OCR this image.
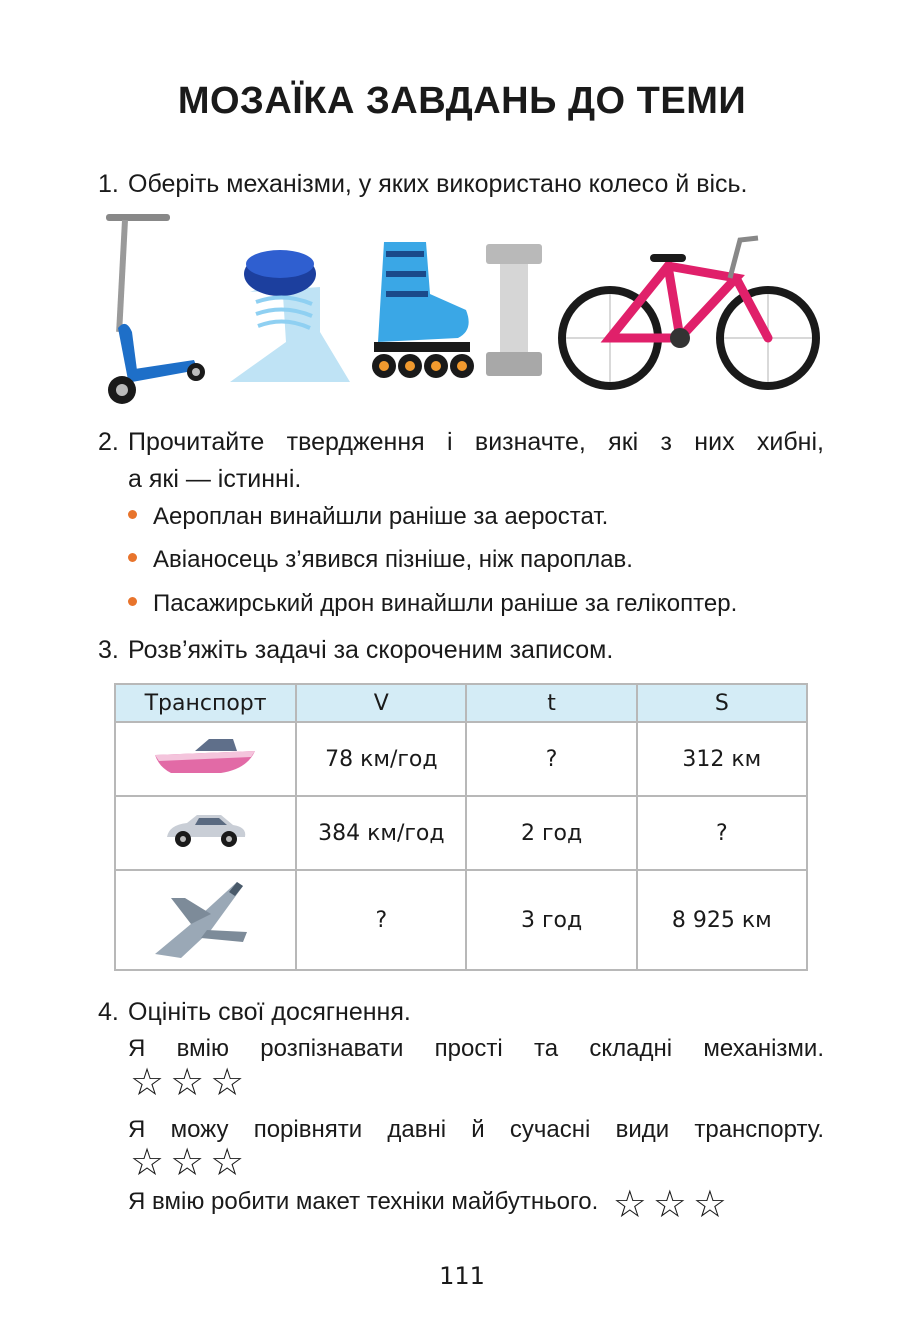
МОЗАЇКА ЗАВДАНЬ ДО ТЕМИ
1. Оберіть механізми, у яких використано колесо й вісь.
2. Прочитайте твердження і визначте, які з них хибні,
а які — істинні.
Аероплан винайшли раніше за аеростат.
Авіаносець з’явився пізніше, ніж пароплав.
Пасажирський дрон винайшли раніше за гелікоптер.
3. Розв’яжіть задачі за скороченим записом.
Транспорт	V	t	S
	78 км/год	?	312 км
	384 км/год	2 год	?
	?	3 год	8 925 км
4. Оцініть свої досягнення.
Я вмію розпізнавати прості та складні механізми.
☆ ☆ ☆
Я можу порівняти давні й сучасні види транспорту.
☆ ☆ ☆
Я вмію робити макет техніки майбутнього. ☆ ☆ ☆
111
